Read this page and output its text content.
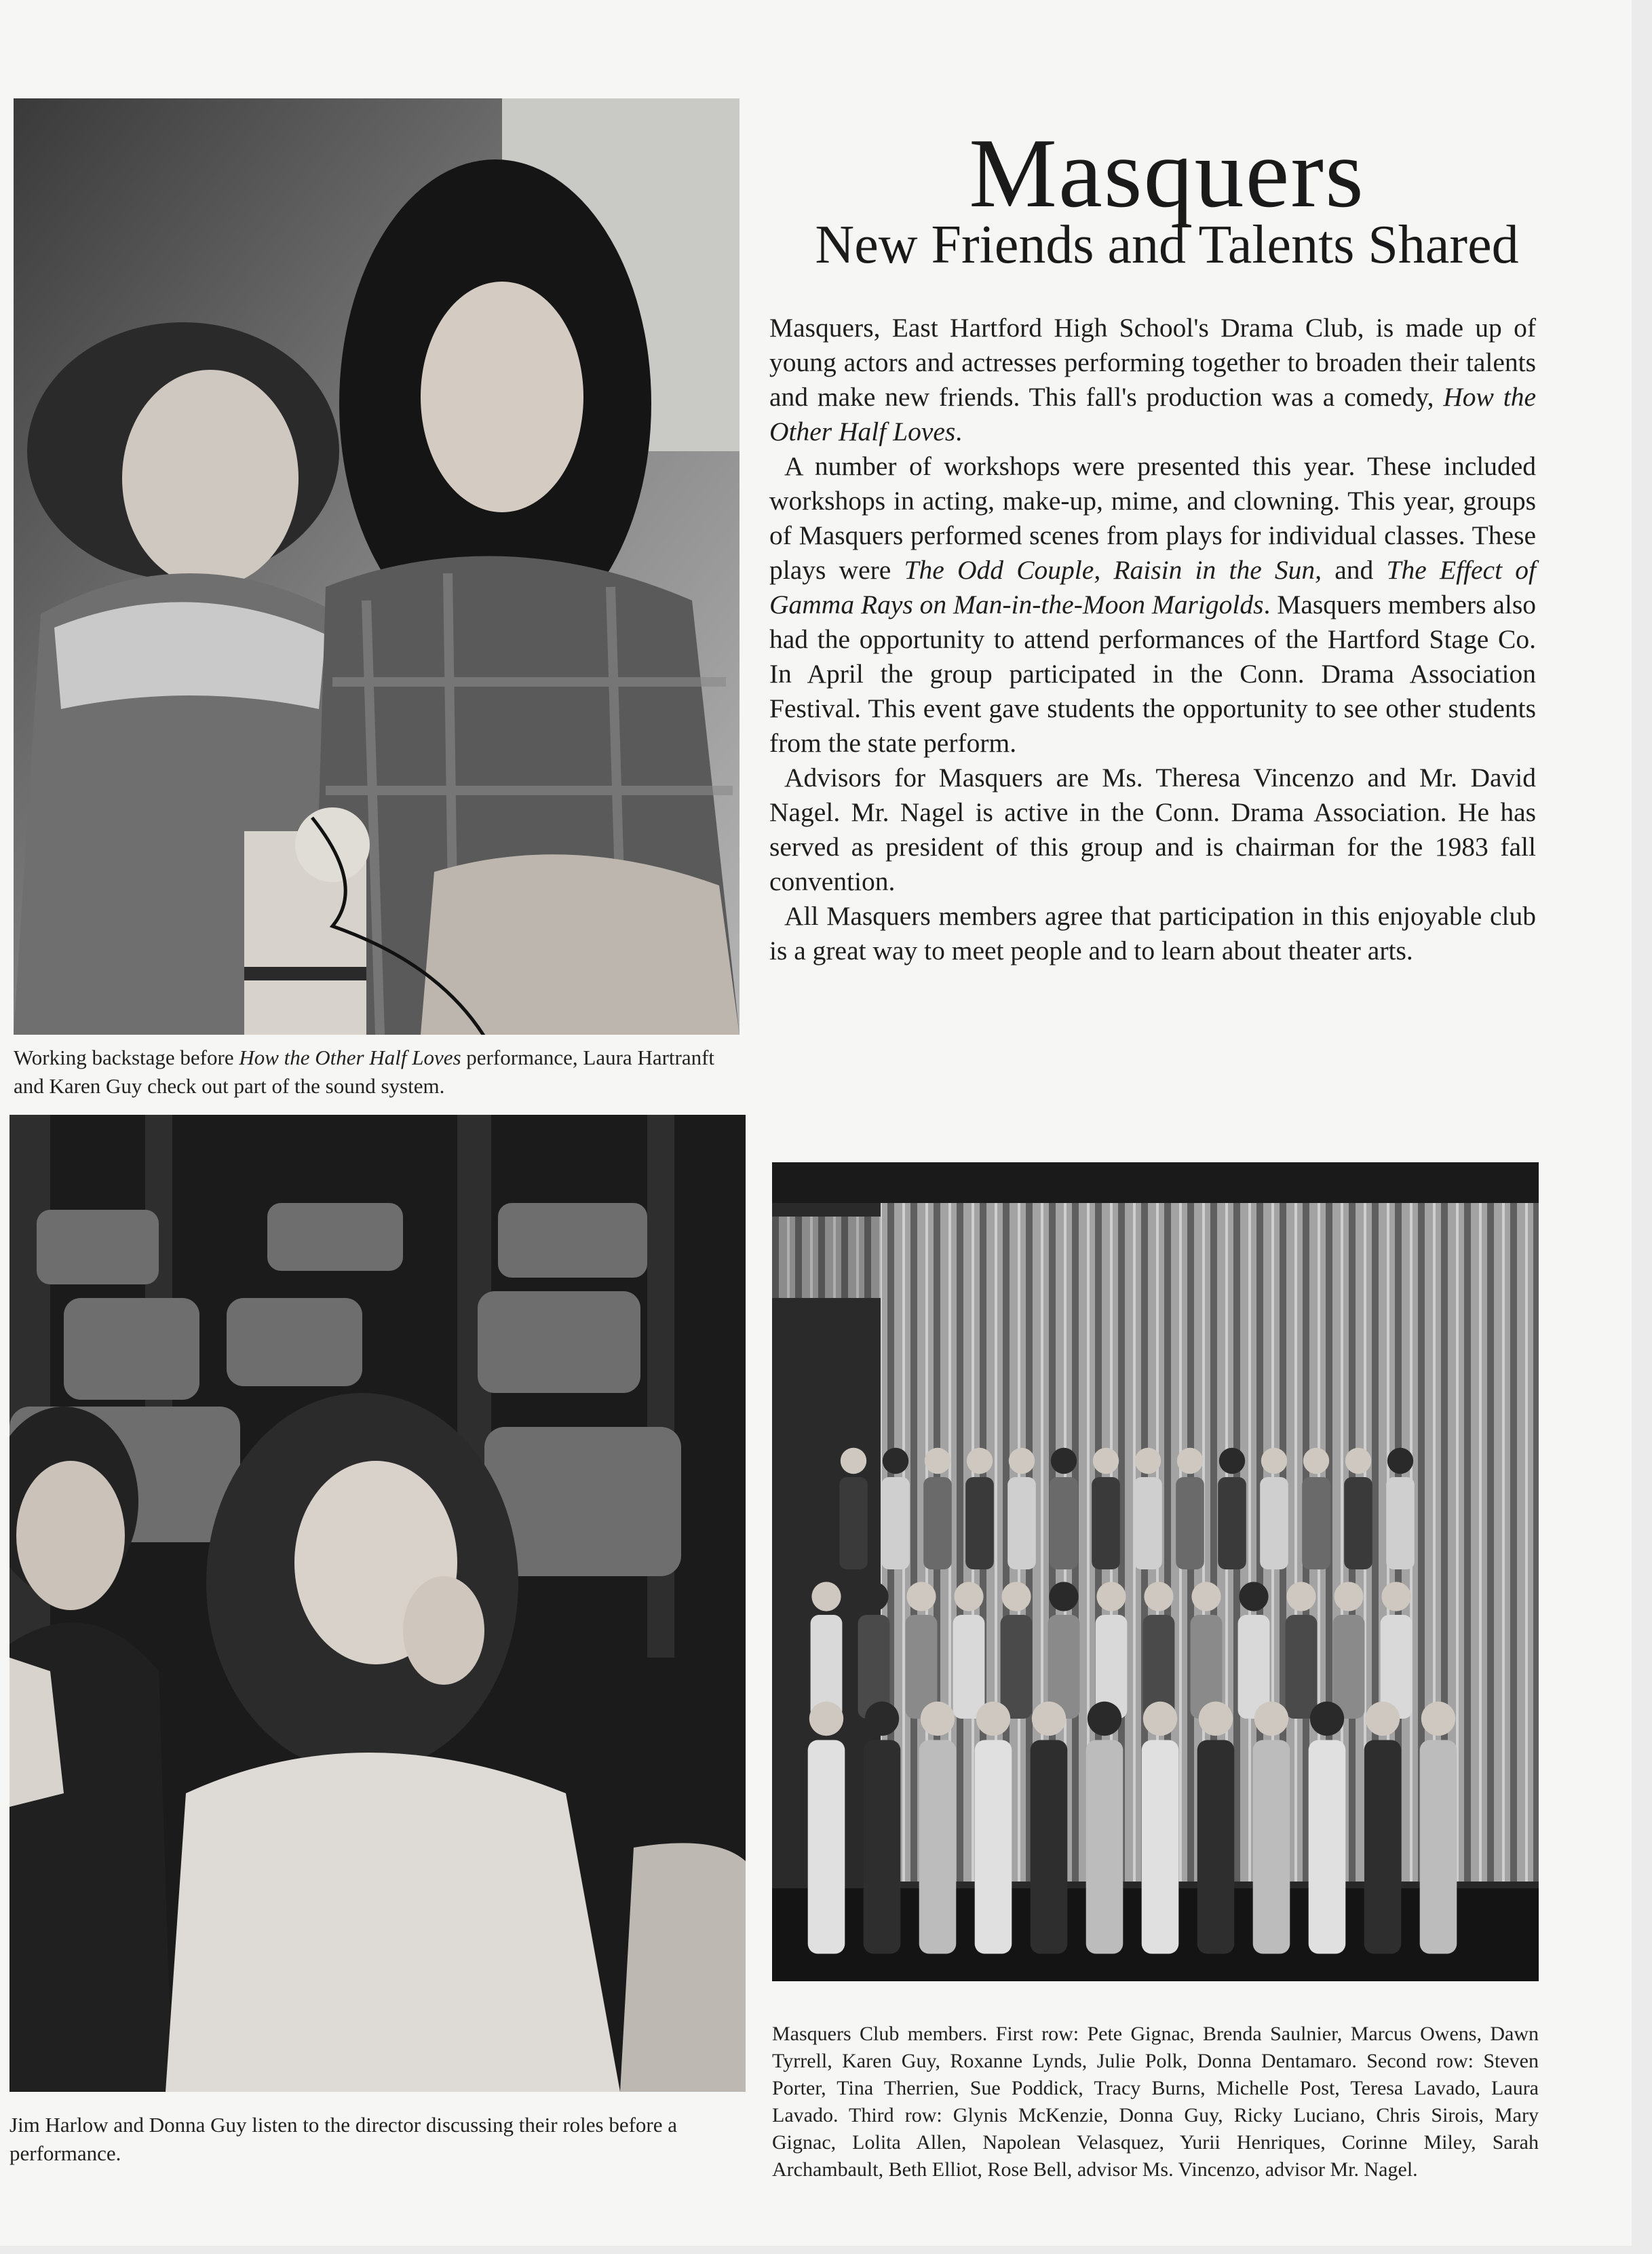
Working backstage before How the Other Half Loves performance, Laura Hartranft and Karen Guy check out part of the sound system.

Masquers
New Friends and Talents Shared

Masquers, East Hartford High School's Drama Club, is made up of young actors and actresses performing together to broaden their talents and make new friends. This fall's production was a comedy, How the Other Half Loves.

A number of workshops were presented this year. These included workshops in acting, make-up, mime, and clowning. This year, groups of Masquers performed scenes from plays for individual classes. These plays were The Odd Couple, Raisin in the Sun, and The Effect of Gamma Rays on Man-in-the-Moon Marigolds. Masquers members also had the opportunity to attend performances of the Hartford Stage Co. In April the group participated in the Conn. Drama Association Festival. This event gave students the opportunity to see other students from the state perform.

Advisors for Masquers are Ms. Theresa Vincenzo and Mr. David Nagel. Mr. Nagel is active in the Conn. Drama Association. He has served as president of this group and is chairman for the 1983 fall convention.

All Masquers members agree that participation in this enjoyable club is a great way to meet people and to learn about theater arts.

Jim Harlow and Donna Guy listen to the director discussing their roles before a performance.

Masquers Club members. First row: Pete Gignac, Brenda Saulnier, Marcus Owens, Dawn Tyrrell, Karen Guy, Roxanne Lynds, Julie Polk, Donna Dentamaro. Second row: Steven Porter, Tina Therrien, Sue Poddick, Tracy Burns, Michelle Post, Teresa Lavado, Laura Lavado. Third row: Glynis McKenzie, Donna Guy, Ricky Luciano, Chris Sirois, Mary Gignac, Lolita Allen, Napolean Velasquez, Yurii Henriques, Corinne Miley, Sarah Archambault, Beth Elliot, Rose Bell, advisor Ms. Vincenzo, advisor Mr. Nagel.
